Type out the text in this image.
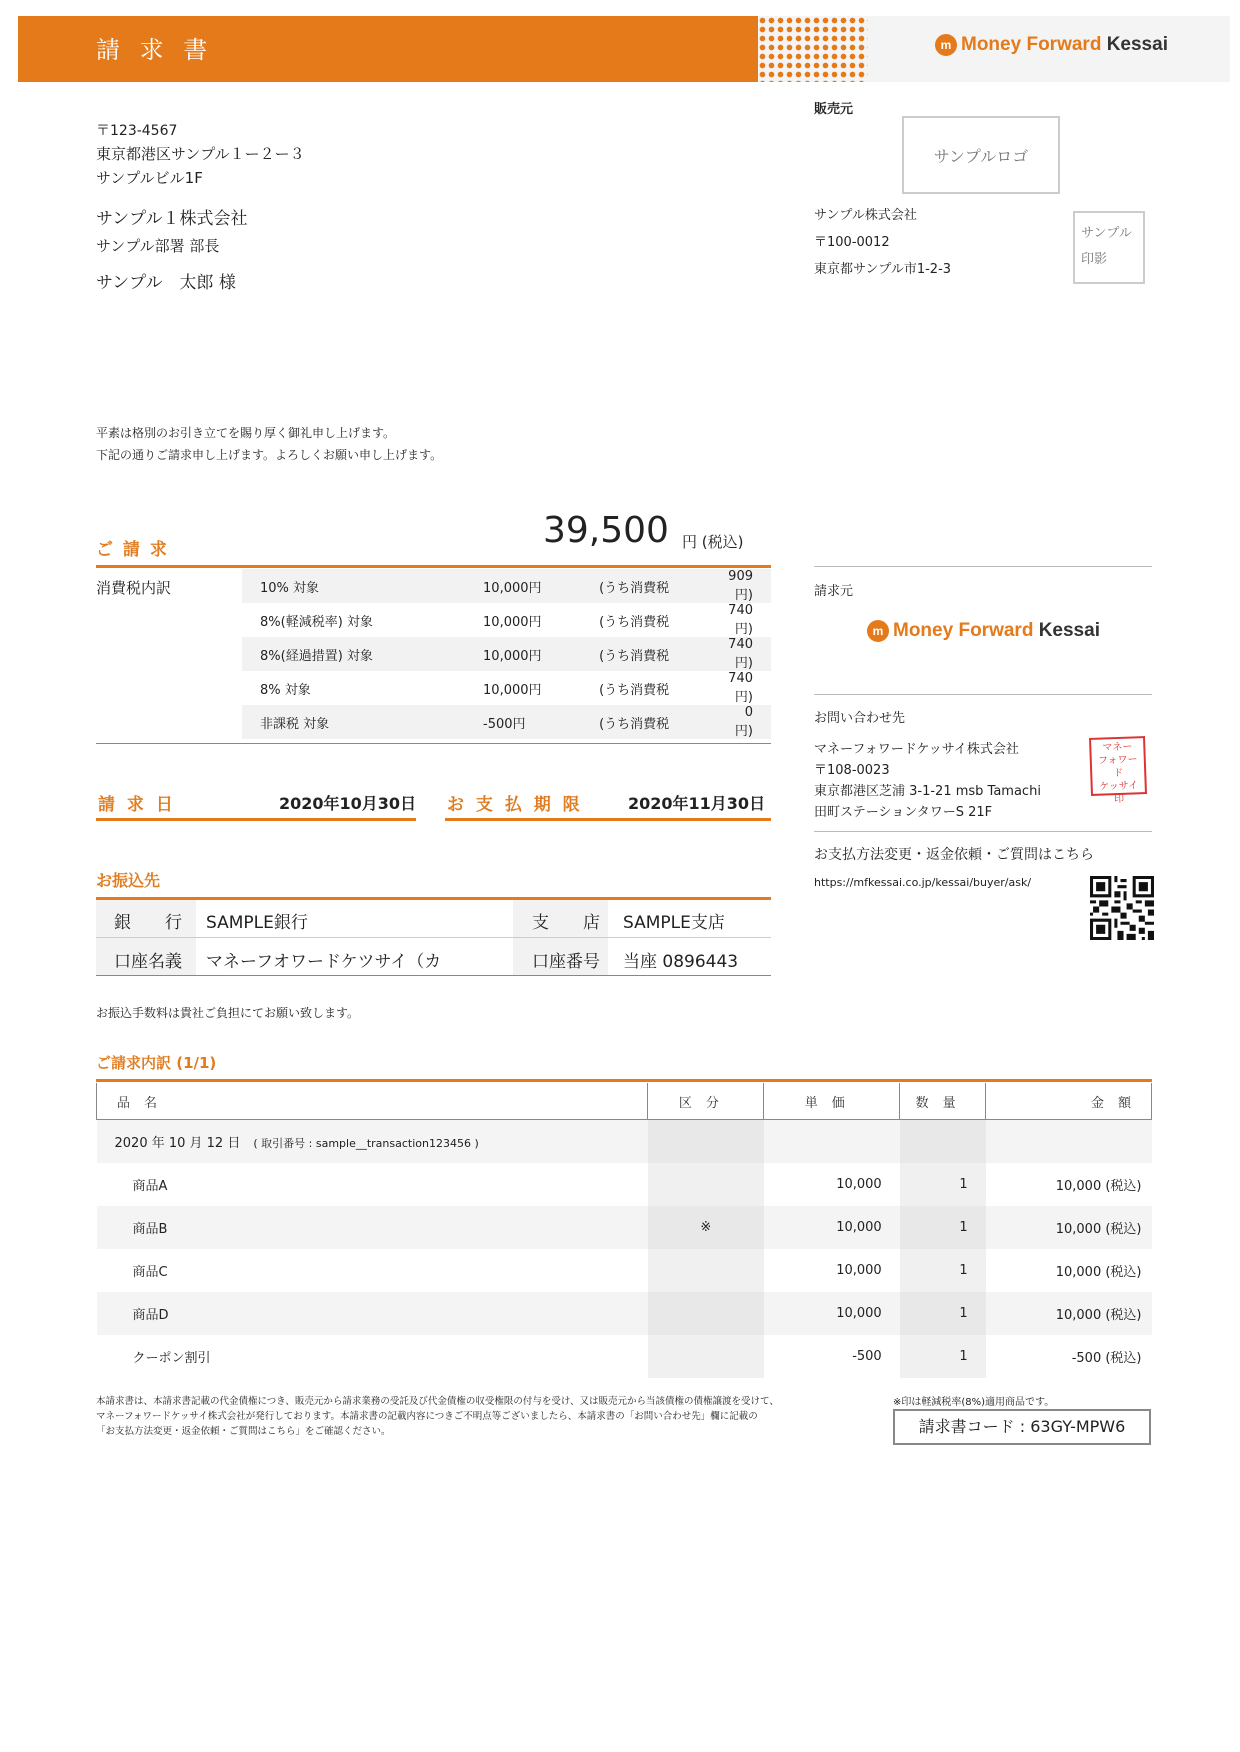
請 求 書	m Money Forward Kessai
〒123-4567
東京都港区サンプル１ー２ー３
サンプルビル1F
サンプル１株式会社
サンプル部署 部長
サンプル　太郎 様
販売元
サンプルロゴ
サンプル株式会社
〒100-0012
東京都サンプル市1-2-3
サンプル
印影
平素は格別のお引き立てを賜り厚く御礼申し上げます。
下記の通りご請求申し上げます。よろしくお願い申し上げます。
ご 請 求	39,500 円 (税込)
消費税内訳	10% 対象	10,000円	(うち消費税	909円)
8%(軽減税率) 対象	10,000円	(うち消費税	740円)
8%(経過措置) 対象	10,000円	(うち消費税	740円)
8% 対象	10,000円	(うち消費税	740円)
非課税 対象	-500円	(うち消費税	0円)
請 求 日	2020年10月30日 お 支 払 期 限	2020年11月30日
お振込先
銀　　行 SAMPLE銀行	支　　店 SAMPLE支店
口座名義 マネーフオワードケツサイ（カ	口座番号 当座 0896443
お振込手数料は貴社ご負担にてお願い致します。
請求元
m Money Forward Kessai
お問い合わせ先
マネーフォワードケッサイ株式会社
〒108-0023
東京都港区芝浦 3-1-21 msb Tamachi
田町ステーションタワーS 21F
マネー
フォワード
ケッサイ
印
お支払方法変更・返金依頼・ご質問はこちら
https://mfkessai.co.jp/kessai/buyer/ask/
ご請求内訳 (1/1)
品名	区分	単価	数量	金額
2020 年 10 月 12 日　 ( 取引番号 : sample__transaction123456 )				
商品A		10,000	1	10,000 (税込)
商品B	※	10,000	1	10,000 (税込)
商品C		10,000	1	10,000 (税込)
商品D		10,000	1	10,000 (税込)
クーポン割引		-500	1	-500 (税込)
本請求書は、本請求書記載の代金債権につき、販売元から請求業務の受託及び代金債権の収受権限の付与を受け、又は販売元から当該債権の債権譲渡を受けて、
マネーフォワードケッサイ株式会社が発行しております。本請求書の記載内容につきご不明点等ございましたら、本請求書の「お問い合わせ先」欄に記載の
「お支払方法変更・返金依頼・ご質問はこちら」をご確認ください。
※印は軽減税率(8%)適用商品です。
請求書コード : 63GY-MPW6
